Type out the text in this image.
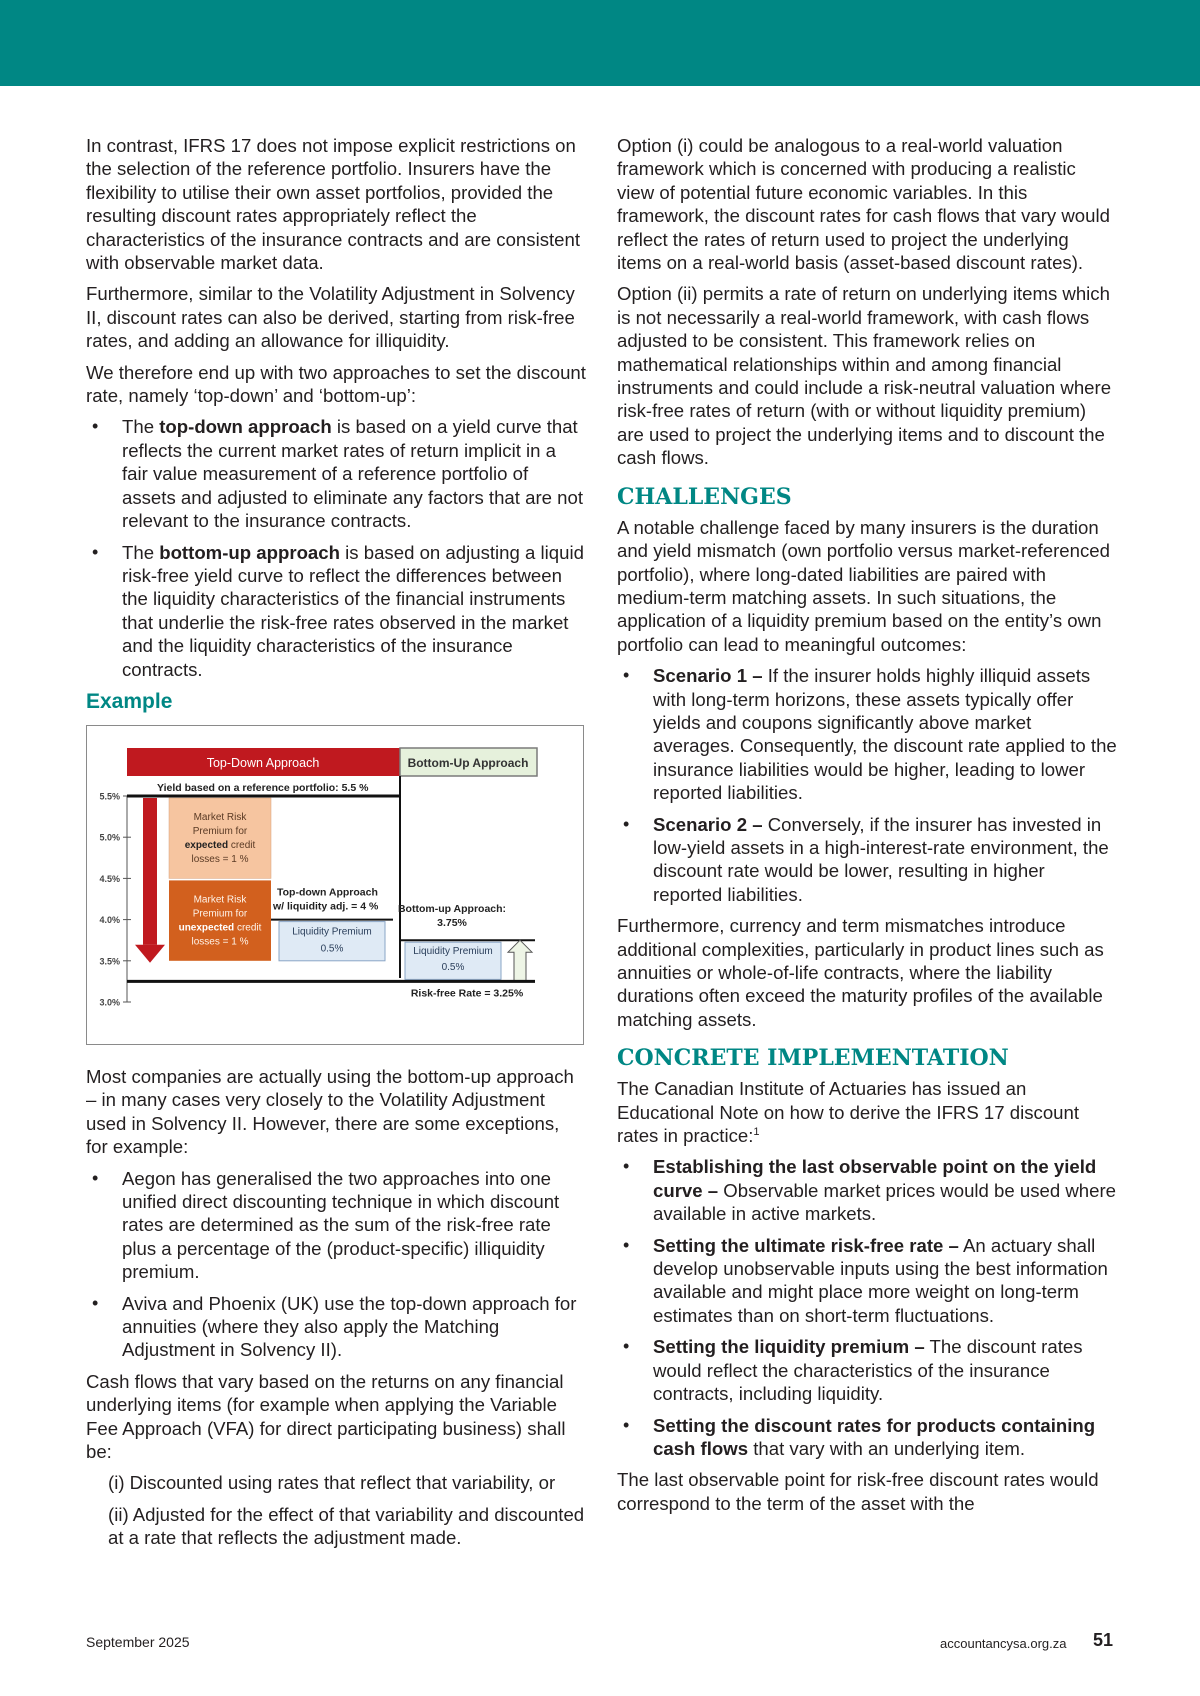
In contrast, IFRS 17 does not impose explicit restrictions on the selection of the reference portfolio. Insurers have the flexibility to utilise their own asset portfolios, provided the resulting discount rates appropriately reflect the characteristics of the insurance contracts and are consistent with observable market data.

Furthermore, similar to the Volatility Adjustment in Solvency II, discount rates can also be derived, starting from risk-free rates, and adding an allowance for illiquidity.

We therefore end up with two approaches to set the discount rate, namely ‘top-down’ and ‘bottom-up’:

• The top-down approach is based on a yield curve that reflects the current market rates of return implicit in a fair value measurement of a reference portfolio of assets and adjusted to eliminate any factors that are not relevant to the insurance contracts.
• The bottom-up approach is based on adjusting a liquid risk-free yield curve to reflect the differences between the liquidity characteristics of the financial instruments that underlie the risk-free rates observed in the market and the liquidity characteristics of the insurance contracts.
Example
Top-Down Approach	Bottom-Up Approach
5.5%
5.0%
4.5%
4.0%
3.5%
3.0%
Yield based on a reference portfolio: 5.5 %
Market Risk Premium for expected credit losses = 1 %
Market Risk Premium for unexpected credit losses = 1 %
Top-down Approach
w/ liquidity adj. = 4 %
Liquidity Premium
0.5%
Bottom-up Approach:
3.75%
Liquidity Premium
0.5%
Risk-free Rate = 3.25%

Most companies are actually using the bottom-up approach – in many cases very closely to the Volatility Adjustment used in Solvency II. However, there are some exceptions, for example:

• Aegon has generalised the two approaches into one unified direct discounting technique in which discount rates are determined as the sum of the risk-free rate plus a percentage of the (product-specific) illiquidity premium.
• Aviva and Phoenix (UK) use the top-down approach for annuities (where they also apply the Matching Adjustment in Solvency II).

Cash flows that vary based on the returns on any financial underlying items (for example when applying the Variable Fee Approach (VFA) for direct participating business) shall be:

(i) Discounted using rates that reflect that variability, or

(ii) Adjusted for the effect of that variability and discounted at a rate that reflects the adjustment made.

Option (i) could be analogous to a real-world valuation framework which is concerned with producing a realistic view of potential future economic variables. In this framework, the discount rates for cash flows that vary would reflect the rates of return used to project the underlying items on a real-world basis (asset-based discount rates).

Option (ii) permits a rate of return on underlying items which is not necessarily a real-world framework, with cash flows adjusted to be consistent. This framework relies on mathematical relationships within and among financial instruments and could include a risk-neutral valuation where risk-free rates of return (with or without liquidity premium) are used to project the underlying items and to discount the cash flows.

CHALLENGES

A notable challenge faced by many insurers is the duration and yield mismatch (own portfolio versus market-referenced portfolio), where long-dated liabilities are paired with medium-term matching assets. In such situations, the application of a liquidity premium based on the entity’s own portfolio can lead to meaningful outcomes:

• Scenario 1 – If the insurer holds highly illiquid assets with long-term horizons, these assets typically offer yields and coupons significantly above market averages. Consequently, the discount rate applied to the insurance liabilities would be higher, leading to lower reported liabilities.
• Scenario 2 – Conversely, if the insurer has invested in low-yield assets in a high-interest-rate environment, the discount rate would be lower, resulting in higher reported liabilities.

Furthermore, currency and term mismatches introduce additional complexities, particularly in product lines such as annuities or whole-of-life contracts, where the liability durations often exceed the maturity profiles of the available matching assets.

CONCRETE IMPLEMENTATION

The Canadian Institute of Actuaries has issued an Educational Note on how to derive the IFRS 17 discount rates in practice:$^1$

• Establishing the last observable point on the yield curve – Observable market prices would be used where available in active markets.
• Setting the ultimate risk-free rate – An actuary shall develop unobservable inputs using the best information available and might place more weight on long-term estimates than on short-term fluctuations.
• Setting the liquidity premium – The discount rates would reflect the characteristics of the insurance contracts, including liquidity.
• Setting the discount rates for products containing cash flows that vary with an underlying item.

The last observable point for risk-free discount rates would correspond to the term of the asset with the

September 2025	accountancysa.org.za 51
